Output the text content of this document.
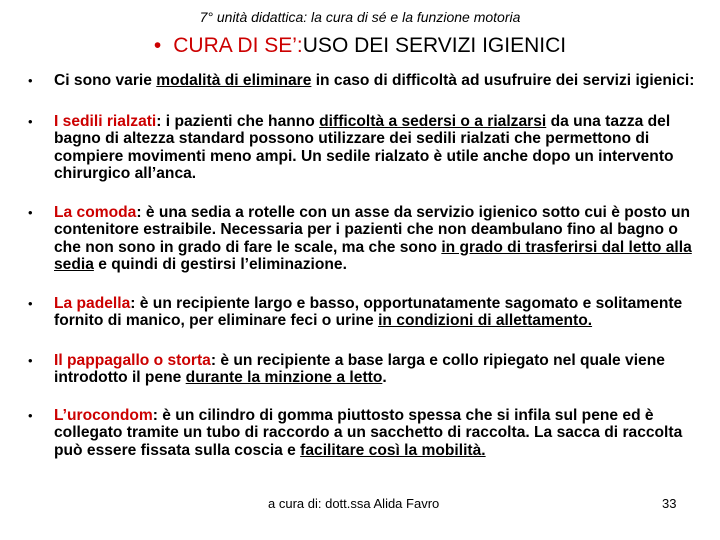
7° unità didattica: la cura di sé e la funzione motoria
• CURA DI SE’:USO DEI SERVIZI IGIENICI
• Ci sono varie modalità di eliminare in caso di difficoltà ad usufruire dei servizi igienici:
• I sedili rialzati: i pazienti che hanno difficoltà a sedersi o a rialzarsi da una tazza del bagno di altezza standard possono utilizzare dei sedili rialzati che permettono di compiere movimenti meno ampi. Un sedile rialzato è utile anche dopo un intervento chirurgico all’anca.
• La comoda: è una sedia a rotelle con un asse da servizio igienico sotto cui è posto un contenitore estraibile. Necessaria per i pazienti che non deambulano fino al bagno o che non sono in grado di fare le scale, ma che sono in grado di trasferirsi dal letto alla sedia e quindi di gestirsi l’eliminazione.
• La padella: è un recipiente largo e basso, opportunatamente sagomato e solitamente fornito di manico, per eliminare feci o urine in condizioni di allettamento.
• Il pappagallo o storta: è un recipiente a base larga e collo ripiegato nel quale viene introdotto il pene durante la minzione a letto.
• L’urocondom: è un cilindro di gomma piuttosto spessa che si infila sul pene ed è collegato tramite un tubo di raccordo a un sacchetto di raccolta. La sacca di raccolta può essere fissata sulla coscia e facilitare così la mobilità.
a cura di: dott.ssa Alida Favro	33
